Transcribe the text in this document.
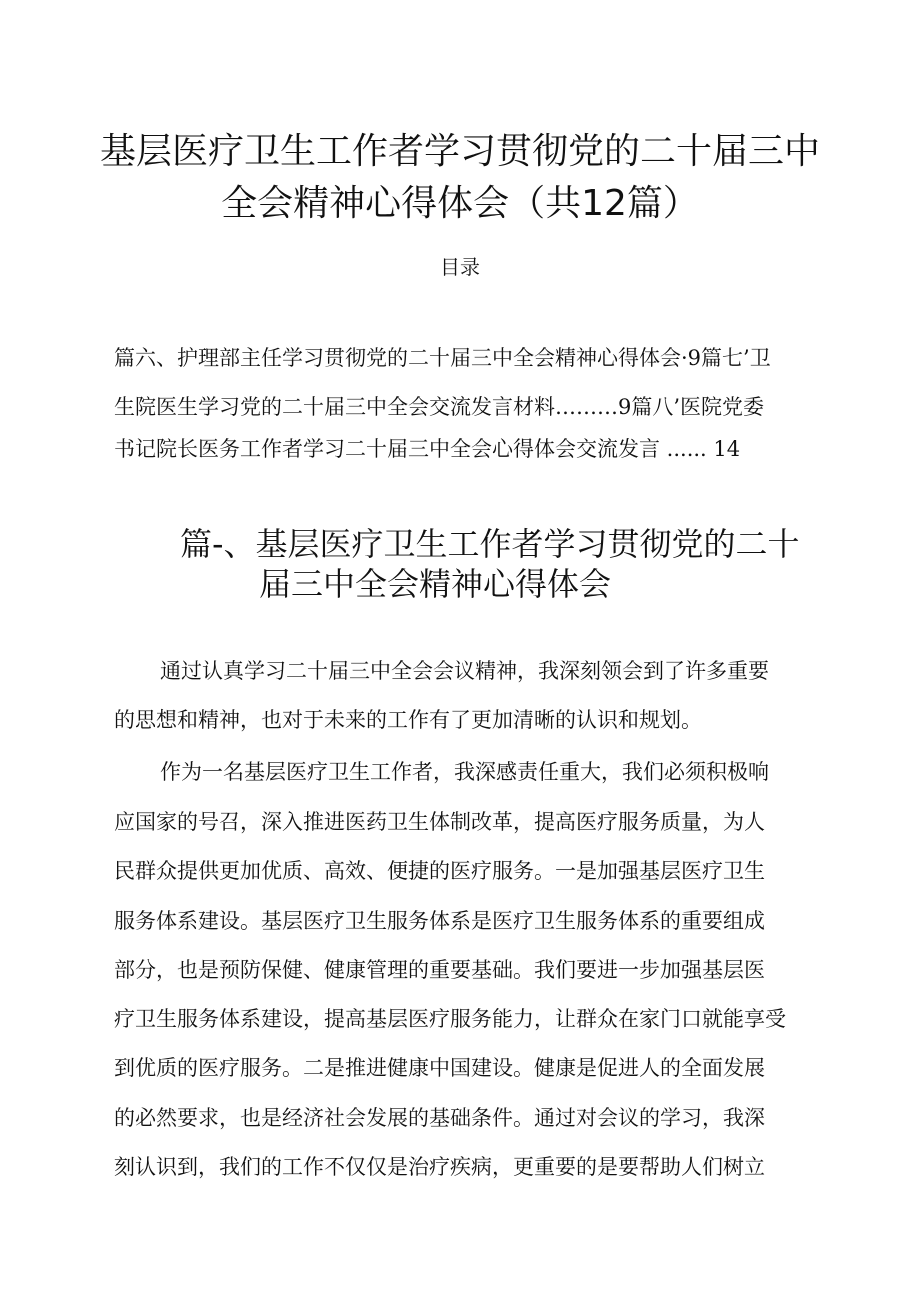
基层医疗卫生工作者学习贯彻党的二十届三中
全会精神心得体会（共12篇）
目录
篇六、护理部主任学习贯彻党的二十届三中全会精神心得体会·9篇七’卫
生院医生学习党的二十届三中全会交流发言材料………9篇八’医院党委
书记院长医务工作者学习二十届三中全会心得体会交流发言 ...... 14
篇-、基层医疗卫生工作者学习贯彻党的二十
届三中全会精神心得体会
通过认真学习二十届三中全会会议精神，我深刻领会到了许多重要
的思想和精神，也对于未来的工作有了更加清晰的认识和规划。
作为一名基层医疗卫生工作者，我深感责任重大，我们必须积极响
应国家的号召，深入推进医药卫生体制改革，提高医疗服务质量，为人
民群众提供更加优质、高效、便捷的医疗服务。一是加强基层医疗卫生
服务体系建设。基层医疗卫生服务体系是医疗卫生服务体系的重要组成
部分，也是预防保健、健康管理的重要基础。我们要进一步加强基层医
疗卫生服务体系建设，提高基层医疗服务能力，让群众在家门口就能享受
到优质的医疗服务。二是推进健康中国建设。健康是促进人的全面发展
的必然要求，也是经济社会发展的基础条件。通过对会议的学习，我深
刻认识到，我们的工作不仅仅是治疗疾病，更重要的是要帮助人们树立
